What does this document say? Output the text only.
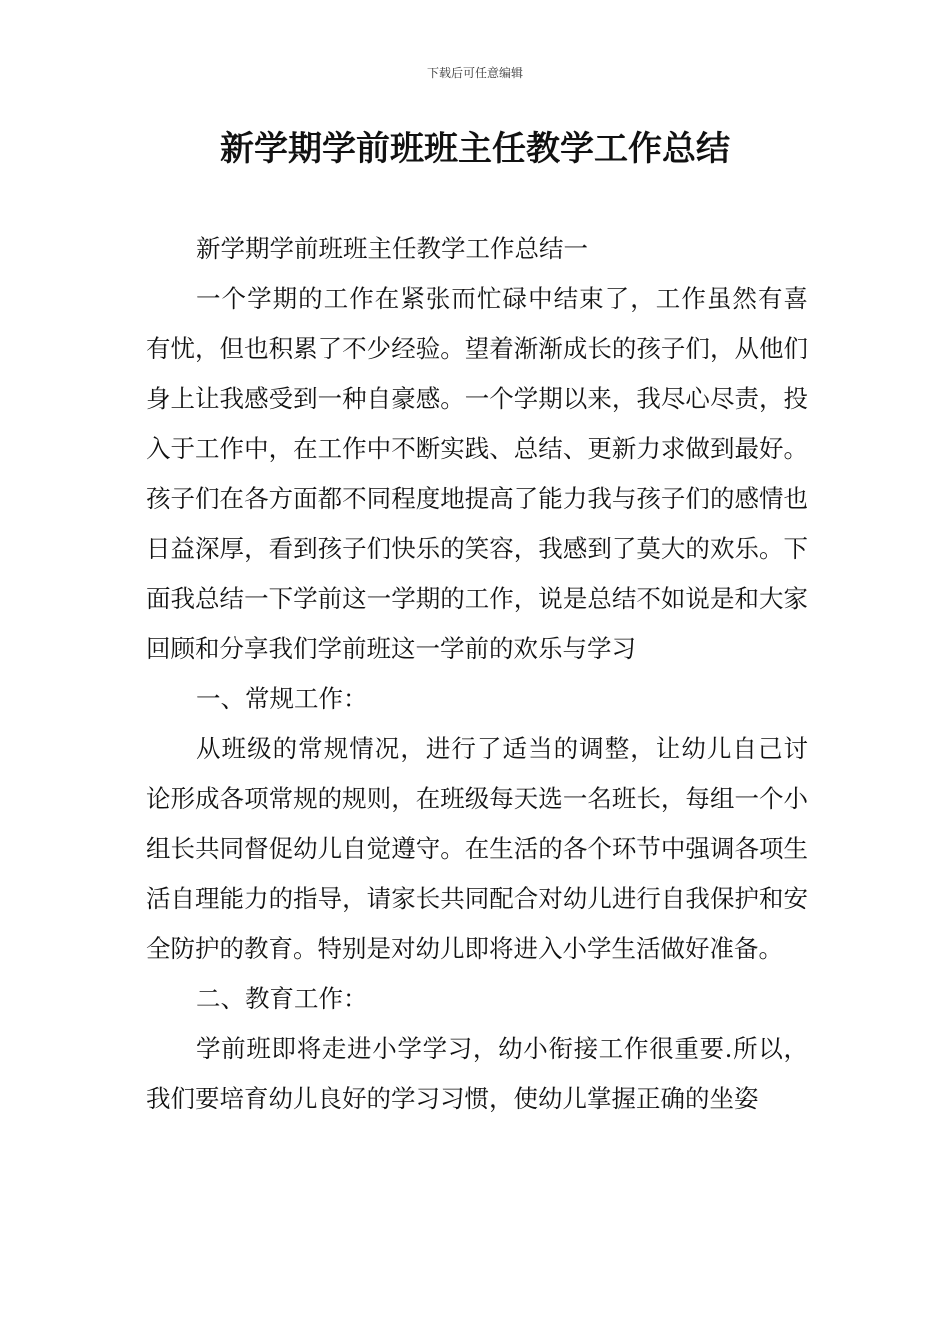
下载后可任意编辑
新学期学前班班主任教学工作总结

新学期学前班班主任教学工作总结一

一个学期的工作在紧张而忙碌中结束了，工作虽然有喜有忧，但也积累了不少经验。望着渐渐成长的孩子们，从他们身上让我感受到一种自豪感。一个学期以来，我尽心尽责，投入于工作中，在工作中不断实践、总结、更新力求做到最好。孩子们在各方面都不同程度地提高了能力我与孩子们的感情也日益深厚，看到孩子们快乐的笑容，我感到了莫大的欢乐。下面我总结一下学前这一学期的工作，说是总结不如说是和大家回顾和分享我们学前班这一学前的欢乐与学习

一、常规工作：

从班级的常规情况，进行了适当的调整，让幼儿自己讨论形成各项常规的规则，在班级每天选一名班长，每组一个小组长共同督促幼儿自觉遵守。在生活的各个环节中强调各项生活自理能力的指导，请家长共同配合对幼儿进行自我保护和安全防护的教育。特别是对幼儿即将进入小学生活做好准备。

二、教育工作：

学前班即将走进小学学习，幼小衔接工作很重要.所以，我们要培育幼儿良好的学习习惯，使幼儿掌握正确的坐姿
